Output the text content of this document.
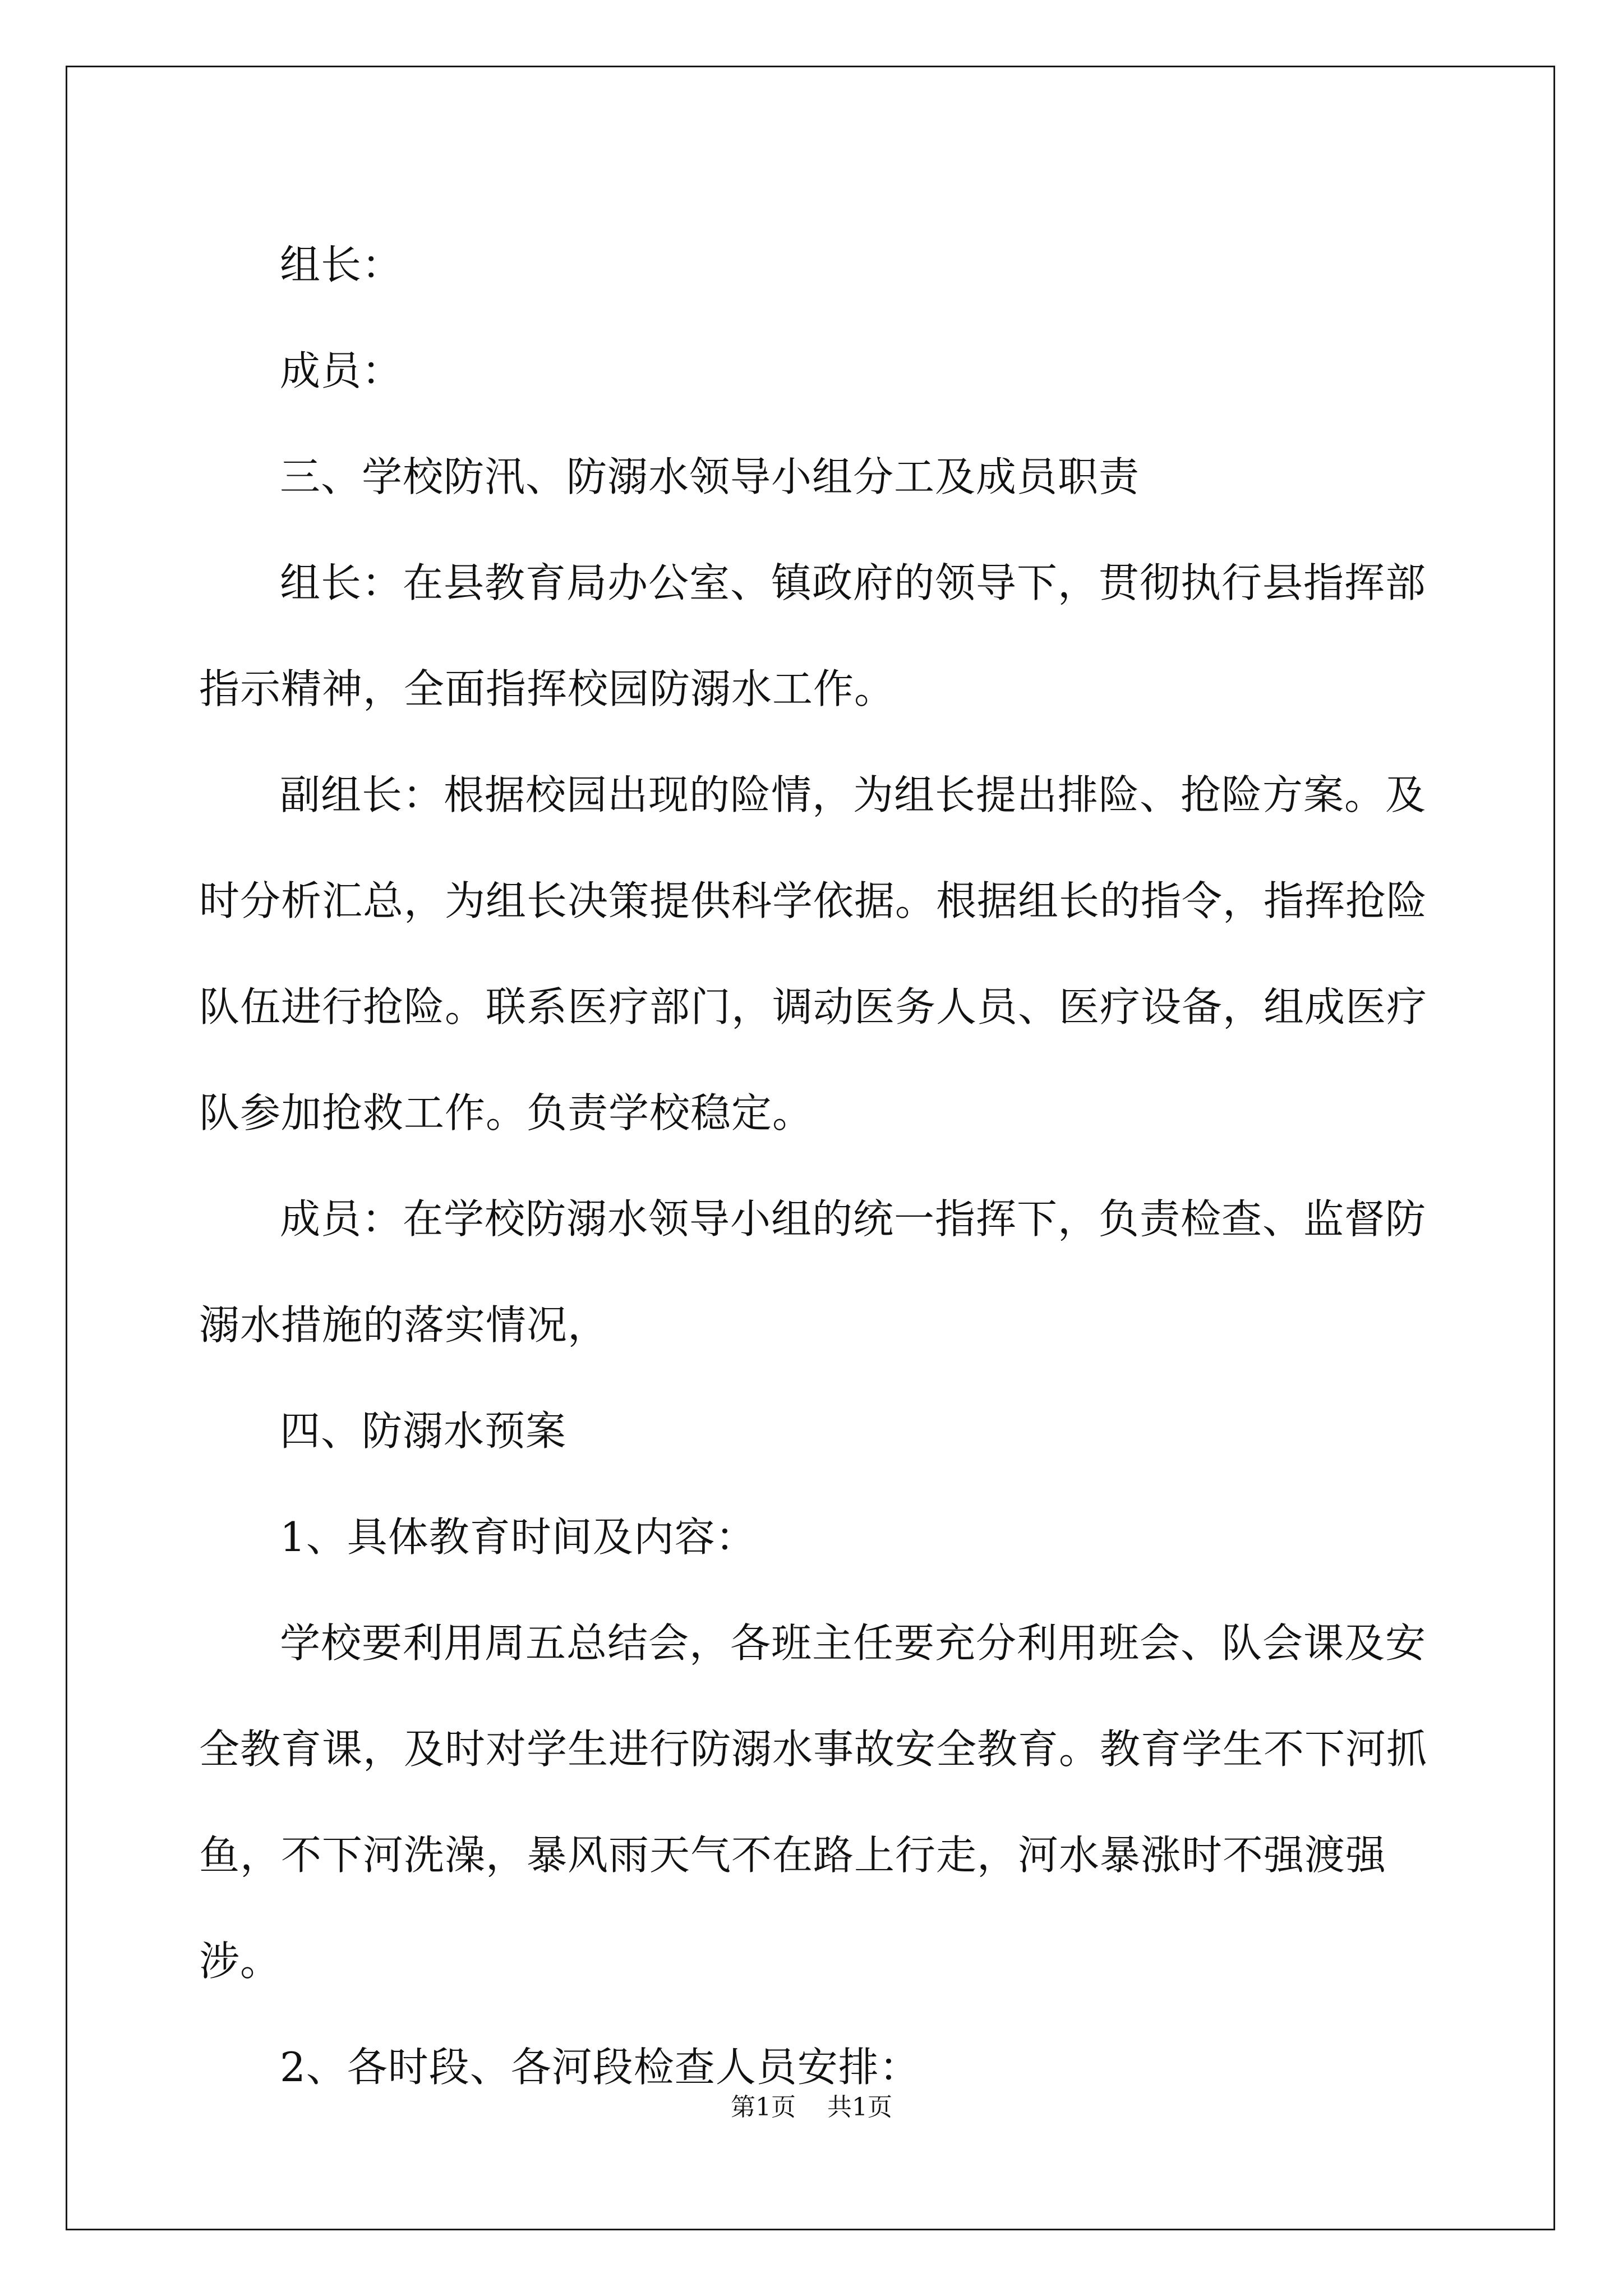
组长：

成员：

三、学校防汛、防溺水领导小组分工及成员职责

组长：在县教育局办公室、镇政府的领导下，贯彻执行县指挥部指示精神，全面指挥校园防溺水工作。

副组长：根据校园出现的险情，为组长提出排险、抢险方案。及时分析汇总，为组长决策提供科学依据。根据组长的指令，指挥抢险队伍进行抢险。联系医疗部门，调动医务人员、医疗设备，组成医疗队参加抢救工作。负责学校稳定。

成员：在学校防溺水领导小组的统一指挥下，负责检查、监督防溺水措施的落实情况，

四、防溺水预案

1、具体教育时间及内容：

学校要利用周五总结会，各班主任要充分利用班会、队会课及安全教育课，及时对学生进行防溺水事故安全教育。教育学生不下河抓鱼，不下河洗澡，暴风雨天气不在路上行走，河水暴涨时不强渡强涉。

2、各时段、各河段检查人员安排：

第1页 共1页
